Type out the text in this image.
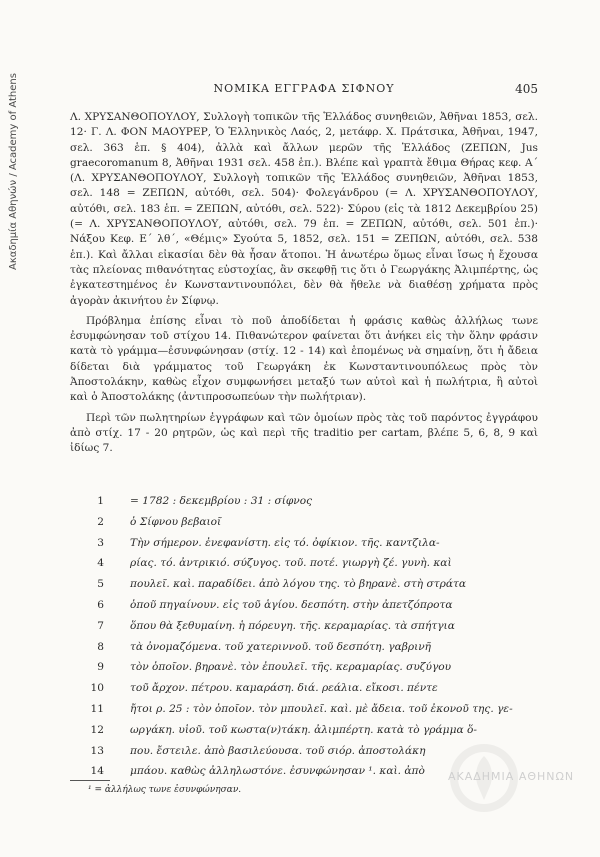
Ακαδημία Αθηνών / Academy of Athens	ΝΟΜΙΚΑ ΕΓΓΡΑΦΑ ΣΙΦΝΟΥ	405

Λ. ΧΡΥΣΑΝΘΟΠΟΥΛΟΥ, Συλλογὴ τοπικῶν τῆς Ἑλλάδος συνηθειῶν, Ἀθῆναι 1853, σελ. 12· Γ. Λ. ΦΟΝ ΜΑΟΥΡΕΡ, Ὁ Ἑλληνικὸς Λαός, 2, μετάφρ. Χ. Πράτσικα, Ἀθῆναι, 1947, σελ. 363 ἑπ. § 404), ἀλλὰ καὶ ἄλλων μερῶν τῆς Ἑλλάδος (ΖΕΠΩΝ, Jus graecoromanum 8, Ἀθῆναι 1931 σελ. 458 ἑπ.). Βλέπε καὶ γραπτὰ ἔθιμα Θήρας κεφ. Α΄ (Λ. ΧΡΥΣΑΝΘΟΠΟΥΛΟΥ, Συλλογὴ τοπικῶν τῆς Ἑλλάδος συνηθειῶν, Ἀθῆναι 1853, σελ. 148 = ΖΕΠΩΝ, αὐτόθι, σελ. 504)· Φολεγάνδρου (= Λ. ΧΡΥΣΑΝΘΟΠΟΥΛΟΥ, αὐτόθι, σελ. 183 ἑπ. = ΖΕΠΩΝ, αὐτόθι, σελ. 522)· Σύρου (εἰς τὰ 1812 Δεκεμβρίου 25) (= Λ. ΧΡΥΣΑΝΘΟΠΟΥΛΟΥ, αὐτόθι, σελ. 79 ἑπ. = ΖΕΠΩΝ, αὐτόθι, σελ. 501 ἑπ.)· Νάξου Κεφ. Ε΄ λθ΄, «Θέμις» Σyούτα 5, 1852, σελ. 151 = ΖΕΠΩΝ, αὐτόθι, σελ. 538 ἑπ.). Καὶ ἄλλαι εἰκασίαι δὲν θὰ ἦσαν ἄτοποι. Ἡ ἀνωτέρω ὅμως εἶναι ἴσως ἡ ἔχουσα τὰς πλείονας πιθανότητας εὐστοχίας, ἂν σκεφθῇ τις ὅτι ὁ Γεωργάκης Ἀλιμπέρτης, ὡς ἐγκατεστημένος ἐν Κωνσταντινουπόλει, δὲν θὰ ἤθελε νὰ διαθέσῃ χρήματα πρὸς ἀγορὰν ἀκινήτου ἐν Σίφνῳ.

Πρόβλημα ἐπίσης εἶναι τὸ ποῦ ἀποδίδεται ἡ φράσις καθὼς ἀλλήλως τωνε ἐσυμφώνησαν τοῦ στίχου 14. Πιθανώτερον φαίνεται ὅτι ἀνήκει εἰς τὴν ὅλην φράσιν κατὰ τὸ γράμμα—ἐσυνφώνησαν (στίχ. 12 - 14) καὶ ἑπομένως νὰ σημαίνῃ, ὅτι ἡ ἄδεια δίδεται διὰ γράμματος τοῦ Γεωργάκη ἐκ Κωνσταντινουπόλεως πρὸς τὸν Ἀποστολάκην, καθὼς εἶχον συμφωνήσει μεταξύ των αὐτοὶ καὶ ἡ πωλήτρια, ἢ αὐτοὶ καὶ ὁ Ἀποστολάκης (ἀντιπροσωπεύων τὴν πωλήτριαν).

Περὶ τῶν πωλητηρίων ἐγγράφων καὶ τῶν ὁμοίων πρὸς τὰς τοῦ παρόντος ἐγγράφου ἀπὸ στίχ. 17 - 20 ρητρῶν, ὡς καὶ περὶ τῆς traditio per cartam, βλέπε 5, 6, 8, 9 καὶ ἰδίως 7.

1	= 1782 : δεκεμβρίου : 31 : σίφνος
2	ὁ Σίφνου βεβαιοῖ
3	Τὴν σήμερον. ἐνεφανίστη. εἰς τό. ὀφίκιον. τῆς. καντζιλα-
4	ρίας. τό. ἀντρικιό. σύζυγος. τοῦ. ποτέ. γιωργὴ ζέ. γυνὴ. καὶ
5	πουλεῖ. καὶ. παραδίδει. ἀπὸ λόγου της. τὸ βηρανὲ. στὴ στράτα
6	ὁποῦ πηγαίνουν. εἰς τοῦ ἁγίου. δεσπότη. στὴν ἀπετζόπροτα
7	ὅπου θὰ ξεθυμαίνη. ἡ πόρευγη. τῆς. κεραμαρίας. τὰ σπήτγια
8	τὰ ὀνομαζόμενα. τοῦ χατεριννοῦ. τοῦ δεσπότη. γαβρινῆ
9	τὸν ὁποῖον. βηρανὲ. τὸν ἐπουλεῖ. τῆς. κεραμαρίας. συζύγου
10	τοῦ ἄρχον. πέτρου. καμαράση. διά. ρεάλια. εἴκοσι. πέντε
11	ἤτοι ρ. 25 : τὸν ὁποῖον. τὸν μπουλεῖ. καὶ. μὲ ἄδεια. τοῦ ἐκονοῦ της. γε-
12	ωργάκη. υἱοῦ. τοῦ κωστα(ν)τάκη. ἀλιμπέρτη. κατὰ τὸ γράμμα ὅ-
13	που. ἔστειλε. ἀπὸ βασιλεύουσα. τοῦ σιόρ. ἀποστολάκη
14	μπάου. καθὼς ἀλληλωστόνε. ἐσυνφώνησαν ¹. καὶ. ἀπὸ
¹ = ἀλλήλως τωνε ἐσυνφώνησαν.
ΑΚΑΔΗΜΙΑ ΑΘΗΝΩΝ
